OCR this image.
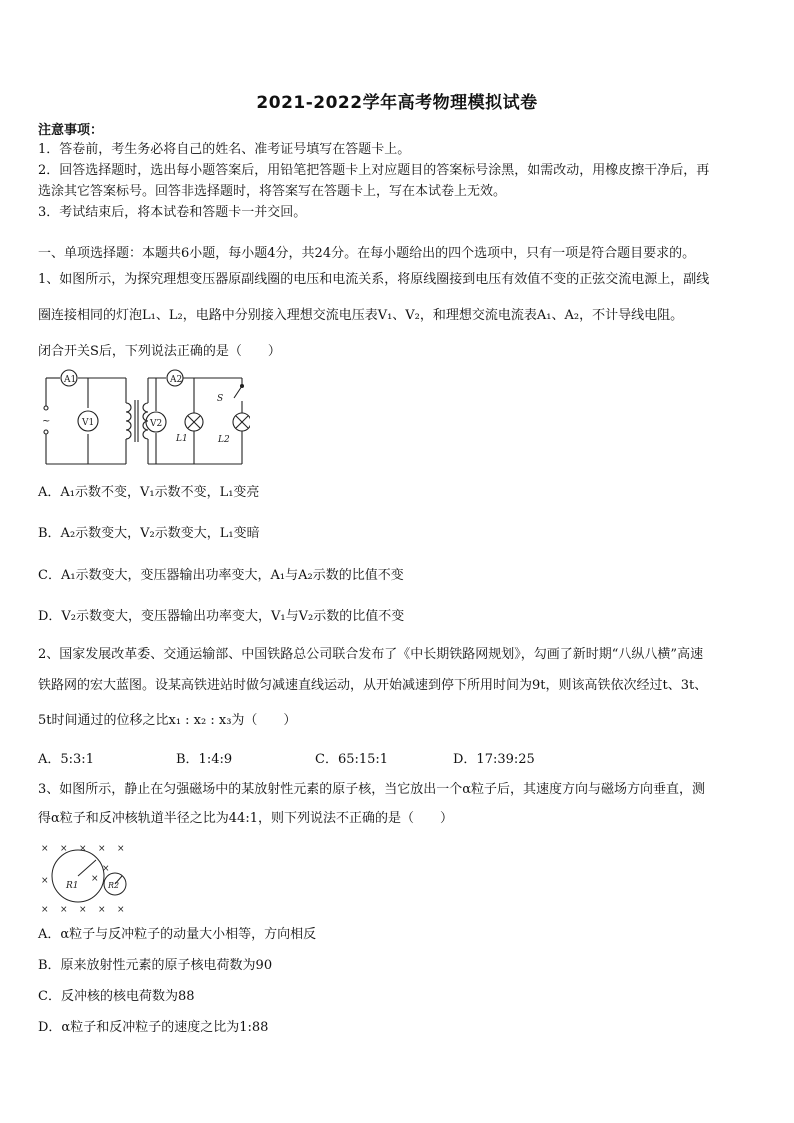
2021-2022学年高考物理模拟试卷
注意事项：
1．答卷前，考生务必将自己的姓名、准考证号填写在答题卡上。
2．回答选择题时，选出每小题答案后，用铅笔把答题卡上对应题目的答案标号涂黑，如需改动，用橡皮擦干净后，再
选涂其它答案标号。回答非选择题时，将答案写在答题卡上，写在本试卷上无效。
3．考试结束后，将本试卷和答题卡一并交回。
一、单项选择题：本题共6小题，每小题4分，共24分。在每小题给出的四个选项中，只有一项是符合题目要求的。
1、如图所示，为探究理想变压器原副线圈的电压和电流关系，将原线圈接到电压有效值不变的正弦交流电源上，副线
圈连接相同的灯泡L₁、L₂，电路中分别接入理想交流电压表V₁、V₂，和理想交流电流表A₁、A₂，不计导线电阻。
闭合开关S后，下列说法正确的是（　　）
~
A1
V1
A2
V2
L1
S
L2
A．A₁示数不变，V₁示数不变，L₁变亮
B．A₂示数变大，V₂示数变大，L₁变暗
C．A₁示数变大，变压器输出功率变大，A₁与A₂示数的比值不变
D．V₂示数变大，变压器输出功率变大，V₁与V₂示数的比值不变
2、国家发展改革委、交通运输部、中国铁路总公司联合发布了《中长期铁路网规划》，勾画了新时期“八纵八横”高速
铁路网的宏大蓝图。设某高铁进站时做匀减速直线运动，从开始减速到停下所用时间为9t，则该高铁依次经过t、3t、
5t时间通过的位移之比x₁ : x₂ : x₃为（　　）
A．5:3:1	B．1:4:9	C．65:15:1	D．17:39:25
3、如图所示，静止在匀强磁场中的某放射性元素的原子核，当它放出一个α粒子后，其速度方向与磁场方向垂直，测
得α粒子和反冲核轨道半径之比为44:1，则下列说法不正确的是（　　）
R1	R2
× × × × ×
×	×
×
× × × × ×
A．α粒子与反冲粒子的动量大小相等，方向相反
B．原来放射性元素的原子核电荷数为90
C．反冲核的核电荷数为88
D．α粒子和反冲粒子的速度之比为1:88
